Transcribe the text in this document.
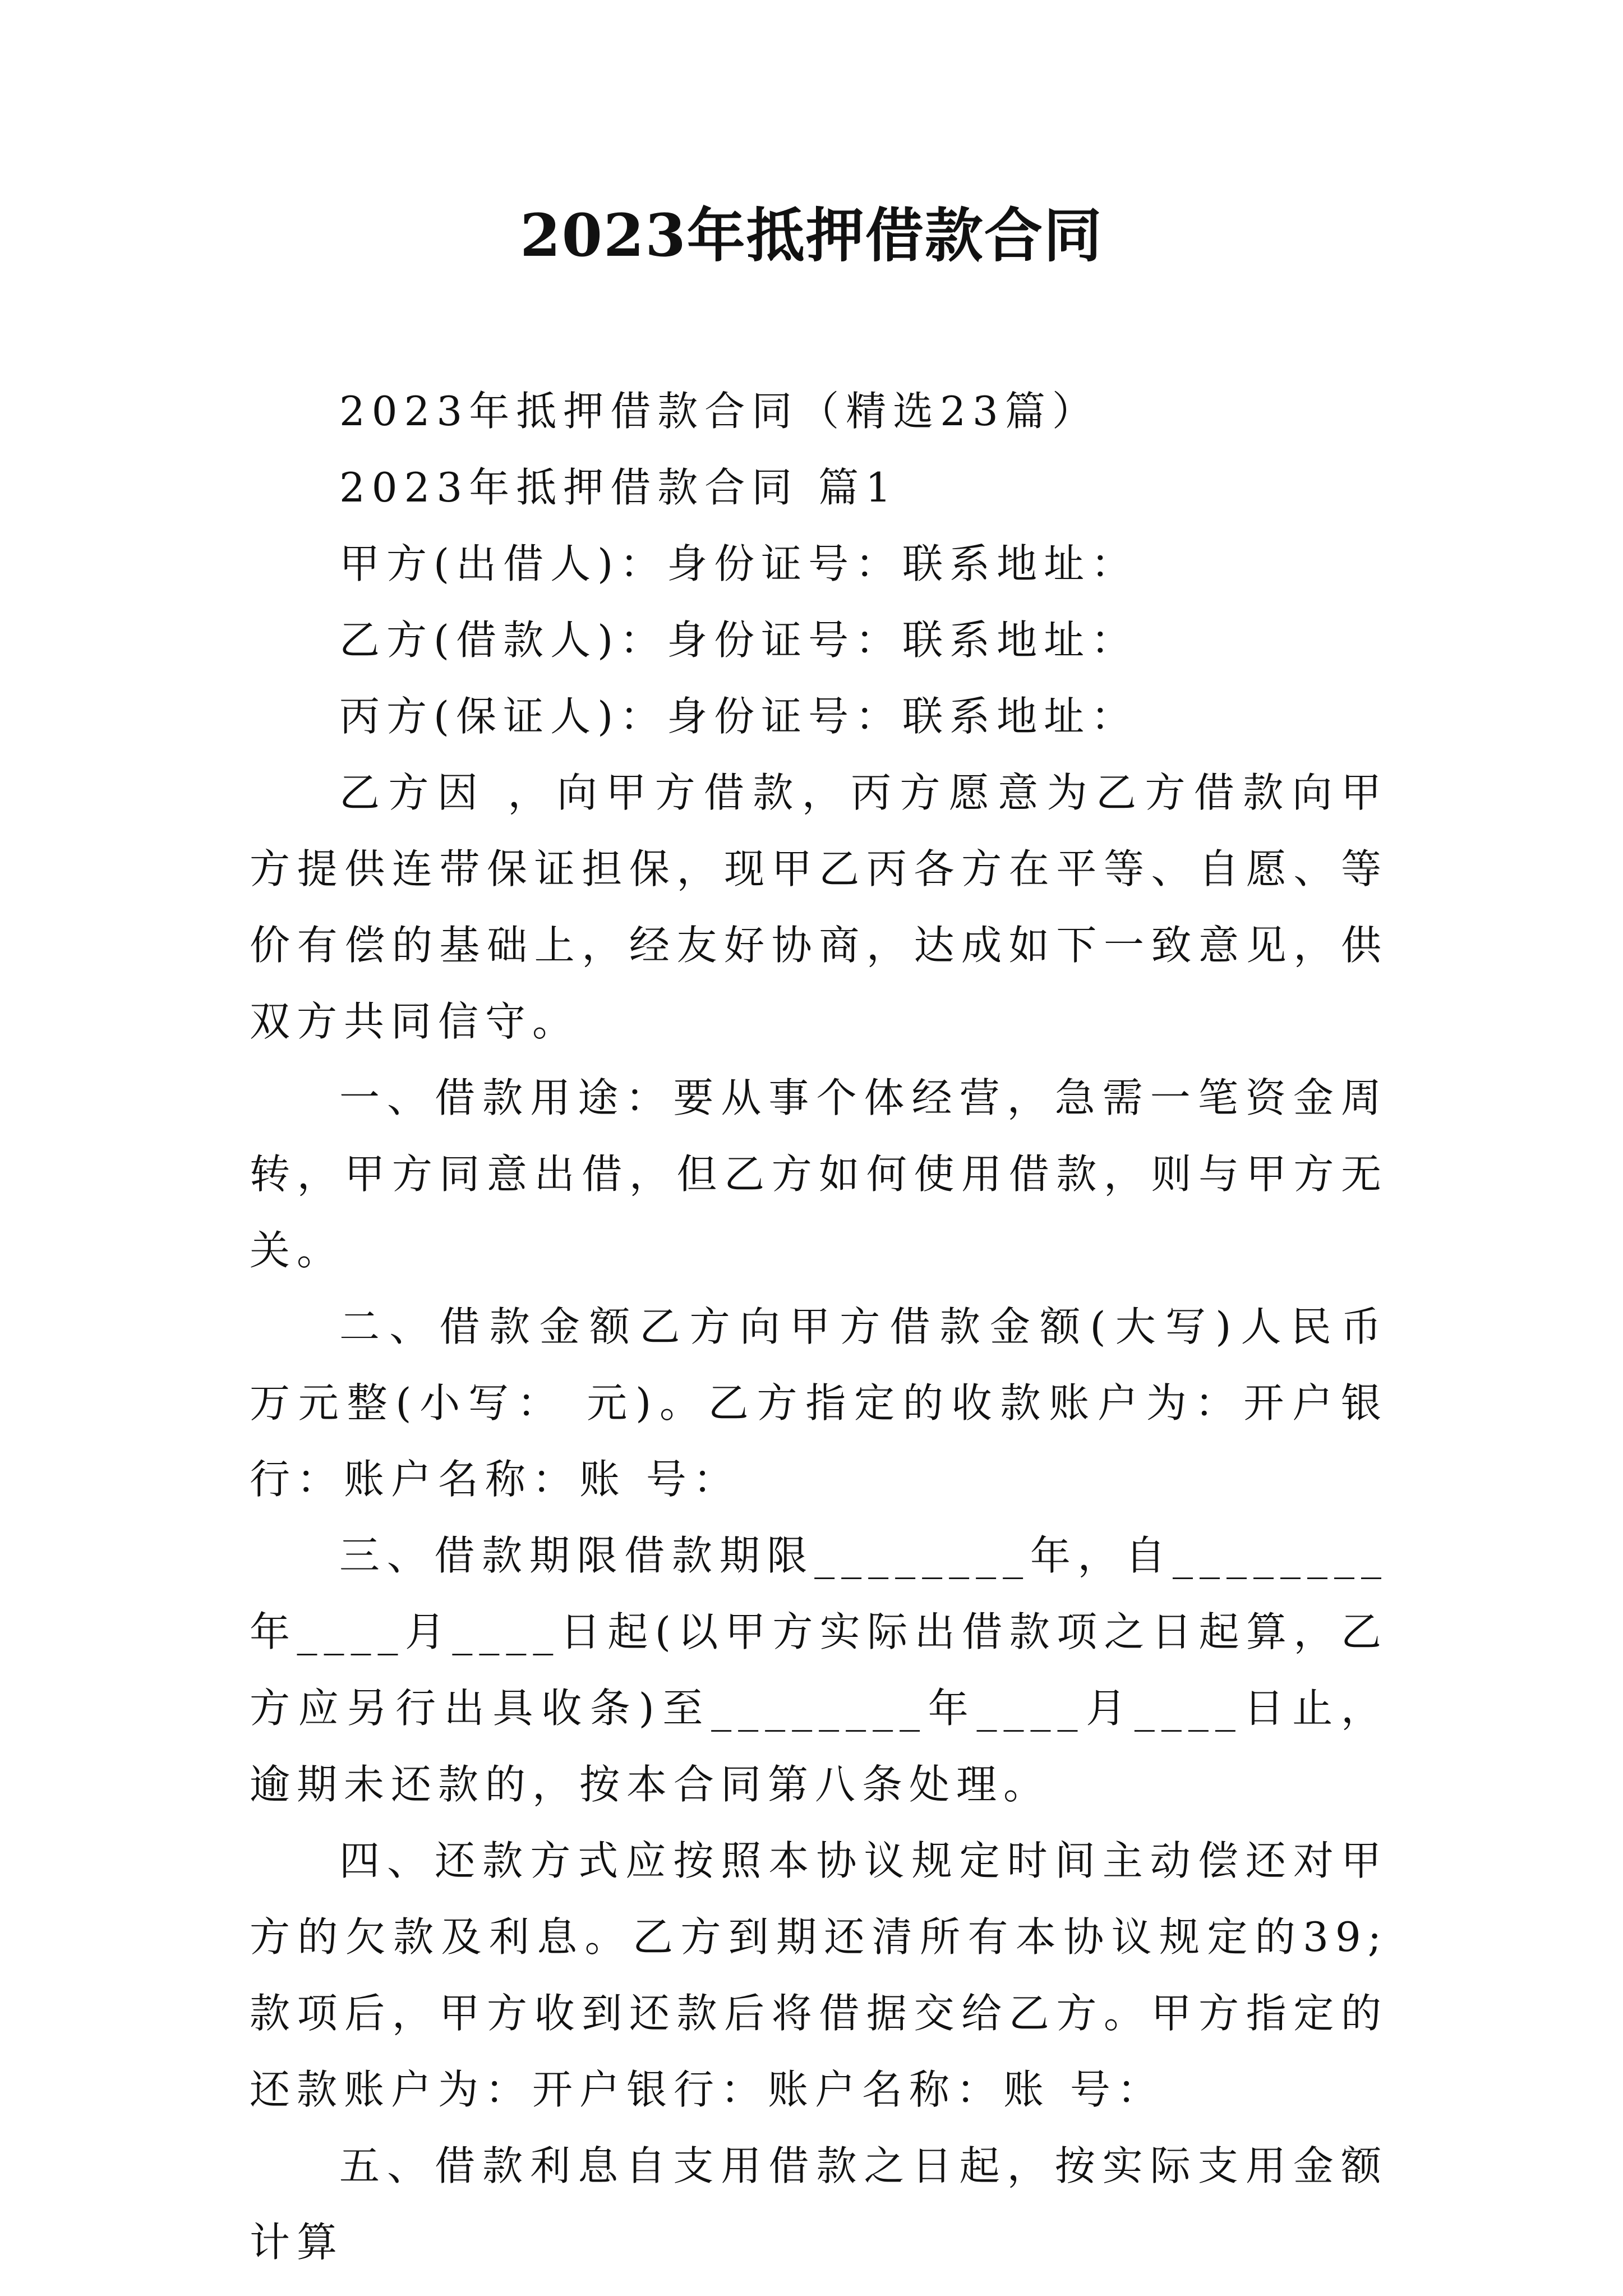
2023年抵押借款合同

2023年抵押借款合同（精选23篇）

2023年抵押借款合同 篇1

甲方(出借人)：身份证号：联系地址：

乙方(借款人)：身份证号：联系地址：

丙方(保证人)：身份证号：联系地址：

乙方因 ，向甲方借款，丙方愿意为乙方借款向甲方提供连带保证担保，现甲乙丙各方在平等、自愿、等价有偿的基础上，经友好协商，达成如下一致意见，供双方共同信守。

一、借款用途：要从事个体经营，急需一笔资金周转，甲方同意出借，但乙方如何使用借款，则与甲方无关。

二、借款金额乙方向甲方借款金额(大写)人民币 万元整(小写： 元)。乙方指定的收款账户为：开户银行：账户名称：账 号：

三、借款期限借款期限________年，自________年____月____日起(以甲方实际出借款项之日起算，乙方应另行出具收条)至________年____月____日止，逾期未还款的，按本合同第八条处理。

四、还款方式应按照本协议规定时间主动偿还对甲方的欠款及利息。乙方到期还清所有本协议规定的39;款项后，甲方收到还款后将借据交给乙方。甲方指定的还款账户为：开户银行：账户名称：账 号：

五、借款利息自支用借款之日起，按实际支用金额计算
